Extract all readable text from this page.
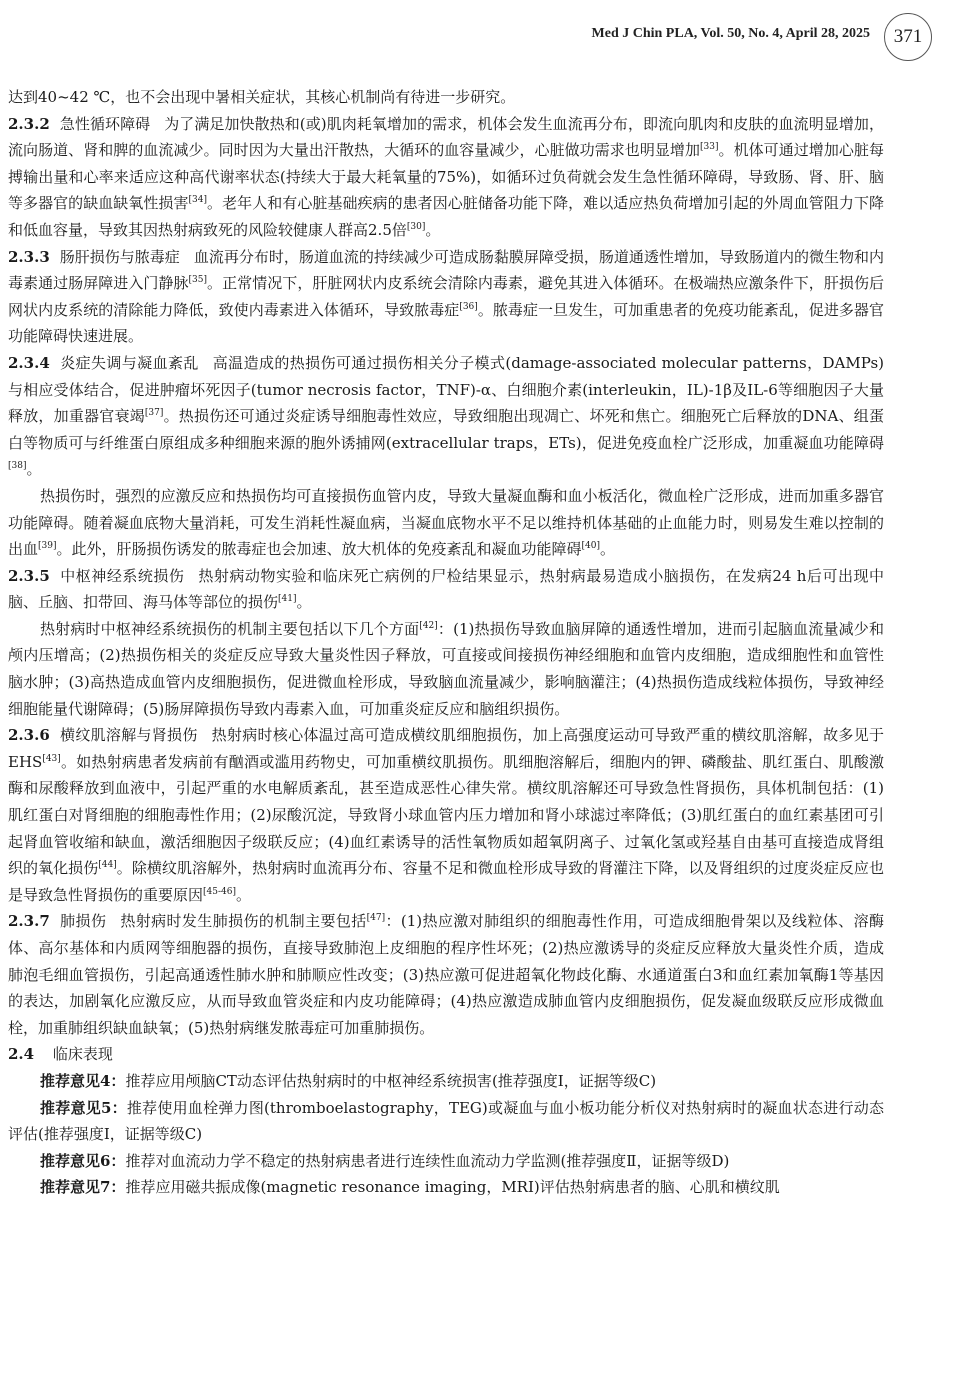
Med J Chin PLA, Vol. 50, No. 4, April 28, 2025	371

达到40~42 ℃，也不会出现中暑相关症状，其核心机制尚有待进一步研究。

2.3.2 急性循环障碍 为了满足加快散热和(或)肌肉耗氧增加的需求，机体会发生血流再分布，即流向肌肉和皮肤的血流明显增加，流向肠道、肾和脾的血流减少。同时因为大量出汗散热，大循环的血容量减少，心脏做功需求也明显增加[33]。机体可通过增加心脏每搏输出量和心率来适应这种高代谢率状态(持续大于最大耗氧量的75%)，如循环过负荷就会发生急性循环障碍，导致肠、肾、肝、脑等多器官的缺血缺氧性损害[34]。老年人和有心脏基础疾病的患者因心脏储备功能下降，难以适应热负荷增加引起的外周血管阻力下降和低血容量，导致其因热射病致死的风险较健康人群高2.5倍[30]。

2.3.3 肠肝损伤与脓毒症 血流再分布时，肠道血流的持续减少可造成肠黏膜屏障受损，肠道通透性增加，导致肠道内的微生物和内毒素通过肠屏障进入门静脉[35]。正常情况下，肝脏网状内皮系统会清除内毒素，避免其进入体循环。在极端热应激条件下，肝损伤后网状内皮系统的清除能力降低，致使内毒素进入体循环，导致脓毒症[36]。脓毒症一旦发生，可加重患者的免疫功能紊乱，促进多器官功能障碍快速进展。

2.3.4 炎症失调与凝血紊乱 高温造成的热损伤可通过损伤相关分子模式(damage-associated molecular patterns，DAMPs)与相应受体结合，促进肿瘤坏死因子(tumor necrosis factor，TNF)-α、白细胞介素(interleukin，IL)-1β及IL-6等细胞因子大量释放，加重器官衰竭[37]。热损伤还可通过炎症诱导细胞毒性效应，导致细胞出现凋亡、坏死和焦亡。细胞死亡后释放的DNA、组蛋白等物质可与纤维蛋白原组成多种细胞来源的胞外诱捕网(extracellular traps，ETs)，促进免疫血栓广泛形成，加重凝血功能障碍[38]。

热损伤时，强烈的应激反应和热损伤均可直接损伤血管内皮，导致大量凝血酶和血小板活化，微血栓广泛形成，进而加重多器官功能障碍。随着凝血底物大量消耗，可发生消耗性凝血病，当凝血底物水平不足以维持机体基础的止血能力时，则易发生难以控制的出血[39]。此外，肝肠损伤诱发的脓毒症也会加速、放大机体的免疫紊乱和凝血功能障碍[40]。

2.3.5 中枢神经系统损伤 热射病动物实验和临床死亡病例的尸检结果显示，热射病最易造成小脑损伤，在发病24 h后可出现中脑、丘脑、扣带回、海马体等部位的损伤[41]。

热射病时中枢神经系统损伤的机制主要包括以下几个方面[42]：(1)热损伤导致血脑屏障的通透性增加，进而引起脑血流量减少和颅内压增高；(2)热损伤相关的炎症反应导致大量炎性因子释放，可直接或间接损伤神经细胞和血管内皮细胞，造成细胞性和血管性脑水肿；(3)高热造成血管内皮细胞损伤，促进微血栓形成，导致脑血流量减少，影响脑灌注；(4)热损伤造成线粒体损伤，导致神经细胞能量代谢障碍；(5)肠屏障损伤导致内毒素入血，可加重炎症反应和脑组织损伤。

2.3.6 横纹肌溶解与肾损伤 热射病时核心体温过高可造成横纹肌细胞损伤，加上高强度运动可导致严重的横纹肌溶解，故多见于EHS[43]。如热射病患者发病前有酗酒或滥用药物史，可加重横纹肌损伤。肌细胞溶解后，细胞内的钾、磷酸盐、肌红蛋白、肌酸激酶和尿酸释放到血液中，引起严重的水电解质紊乱，甚至造成恶性心律失常。横纹肌溶解还可导致急性肾损伤，具体机制包括：(1)肌红蛋白对肾细胞的细胞毒性作用；(2)尿酸沉淀，导致肾小球血管内压力增加和肾小球滤过率降低；(3)肌红蛋白的血红素基团可引起肾血管收缩和缺血，激活细胞因子级联反应；(4)血红素诱导的活性氧物质如超氧阴离子、过氧化氢或羟基自由基可直接造成肾组织的氧化损伤[44]。除横纹肌溶解外，热射病时血流再分布、容量不足和微血栓形成导致的肾灌注下降，以及肾组织的过度炎症反应也是导致急性肾损伤的重要原因[45-46]。

2.3.7 肺损伤 热射病时发生肺损伤的机制主要包括[47]：(1)热应激对肺组织的细胞毒性作用，可造成细胞骨架以及线粒体、溶酶体、高尔基体和内质网等细胞器的损伤，直接导致肺泡上皮细胞的程序性坏死；(2)热应激诱导的炎症反应释放大量炎性介质，造成肺泡毛细血管损伤，引起高通透性肺水肿和肺顺应性改变；(3)热应激可促进超氧化物歧化酶、水通道蛋白3和血红素加氧酶1等基因的表达，加剧氧化应激反应，从而导致血管炎症和内皮功能障碍；(4)热应激造成肺血管内皮细胞损伤，促发凝血级联反应形成微血栓，加重肺组织缺血缺氧；(5)热射病继发脓毒症可加重肺损伤。

2.4 临床表现

推荐意见4：推荐应用颅脑CT动态评估热射病时的中枢神经系统损害(推荐强度Ⅰ，证据等级C)

推荐意见5：推荐使用血栓弹力图(thromboelastography，TEG)或凝血与血小板功能分析仪对热射病时的凝血状态进行动态评估(推荐强度Ⅰ，证据等级C)

推荐意见6：推荐对血流动力学不稳定的热射病患者进行连续性血流动力学监测(推荐强度Ⅱ，证据等级D)

推荐意见7：推荐应用磁共振成像(magnetic resonance imaging，MRI)评估热射病患者的脑、心肌和横纹肌
